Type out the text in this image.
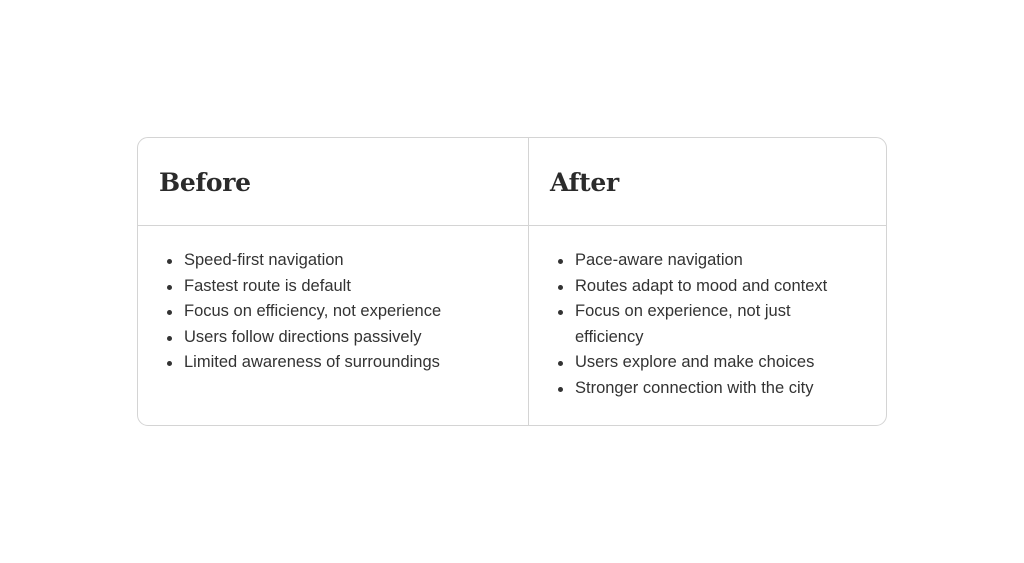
Before	After
Speed-first navigation
Fastest route is default
Focus on efficiency, not experience
Users follow directions passively
Limited awareness of surroundings
Pace-aware navigation
Routes adapt to mood and context
Focus on experience, not just efficiency
Users explore and make choices
Stronger connection with the city
